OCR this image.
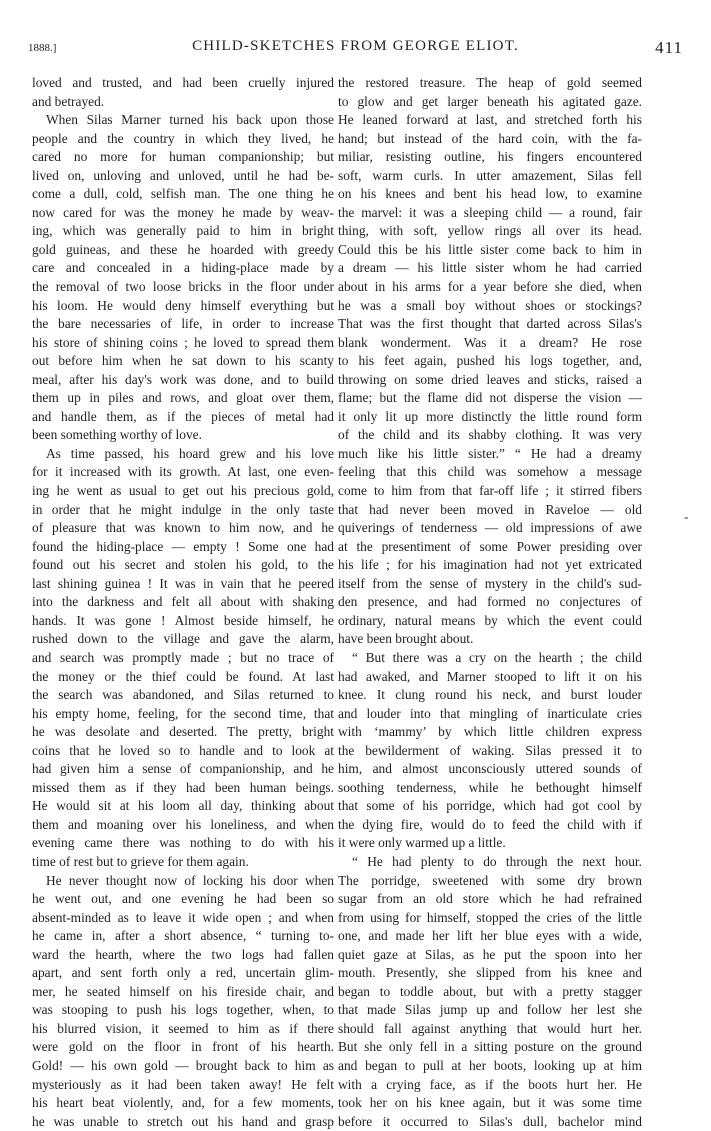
1888.]	CHILD-SKETCHES FROM GEORGE ELIOT.	411
loved and trusted, and had been cruelly injured
and betrayed.
When Silas Marner turned his back upon those
people and the country in which they lived, he
cared no more for human companionship; but
lived on, unloving and unloved, until he had be-
come a dull, cold, selfish man. The one thing he
now cared for was the money he made by weav-
ing, which was generally paid to him in bright
gold guineas, and these he hoarded with greedy
care and concealed in a hiding-place made by
the removal of two loose bricks in the floor under
his loom. He would deny himself everything but
the bare necessaries of life, in order to increase
his store of shining coins ; he loved to spread them
out before him when he sat down to his scanty
meal, after his day's work was done, and to build
them up in piles and rows, and gloat over them,
and handle them, as if the pieces of metal had
been something worthy of love.
As time passed, his hoard grew and his love
for it increased with its growth. At last, one even-
ing he went as usual to get out his precious gold,
in order that he might indulge in the only taste
of pleasure that was known to him now, and he
found the hiding-place — empty ! Some one had
found out his secret and stolen his gold, to the
last shining guinea ! It was in vain that he peered
into the darkness and felt all about with shaking
hands. It was gone ! Almost beside himself, he
rushed down to the village and gave the alarm,
and search was promptly made ; but no trace of
the money or the thief could be found. At last
the search was abandoned, and Silas returned to
his empty home, feeling, for the second time, that
he was desolate and deserted. The pretty, bright
coins that he loved so to handle and to look at
had given him a sense of companionship, and he
missed them as if they had been human beings.
He would sit at his loom all day, thinking about
them and moaning over his loneliness, and when
evening came there was nothing to do with his
time of rest but to grieve for them again.
He never thought now of locking his door when
he went out, and one evening he had been so
absent-minded as to leave it wide open ; and when
he came in, after a short absence, “ turning to-
ward the hearth, where the two logs had fallen
apart, and sent forth only a red, uncertain glim-
mer, he seated himself on his fireside chair, and
was stooping to push his logs together, when, to
his blurred vision, it seemed to him as if there
were gold on the floor in front of his hearth.
Gold! — his own gold — brought back to him as
mysteriously as it had been taken away! He felt
his heart beat violently, and, for a few moments,
he was unable to stretch out his hand and grasp
the restored treasure. The heap of gold seemed
to glow and get larger beneath his agitated gaze.
He leaned forward at last, and stretched forth his
hand; but instead of the hard coin, with the fa-
miliar, resisting outline, his fingers encountered
soft, warm curls. In utter amazement, Silas fell
on his knees and bent his head low, to examine
the marvel: it was a sleeping child — a round, fair
thing, with soft, yellow rings all over its head.
Could this be his little sister come back to him in
a dream — his little sister whom he had carried
about in his arms for a year before she died, when
he was a small boy without shoes or stockings?
That was the first thought that darted across Silas's
blank wonderment. Was it a dream? He rose
to his feet again, pushed his logs together, and,
throwing on some dried leaves and sticks, raised a
flame; but the flame did not disperse the vision —
it only lit up more distinctly the little round form
of the child and its shabby clothing. It was very
much like his little sister.” “ He had a dreamy
feeling that this child was somehow a message
come to him from that far-off life ; it stirred fibers
that had never been moved in Raveloe — old
quiverings of tenderness — old impressions of awe
at the presentiment of some Power presiding over
his life ; for his imagination had not yet extricated
itself from the sense of mystery in the child's sud-
den presence, and had formed no conjectures of
ordinary, natural means by which the event could
have been brought about.
“ But there was a cry on the hearth ; the child
had awaked, and Marner stooped to lift it on his
knee. It clung round his neck, and burst louder
and louder into that mingling of inarticulate cries
with ‘mammy’ by which little children express
the bewilderment of waking. Silas pressed it to
him, and almost unconsciously uttered sounds of
soothing tenderness, while he bethought himself
that some of his porridge, which had got cool by
the dying fire, would do to feed the child with if
it were only warmed up a little.
“ He had plenty to do through the next hour.
The porridge, sweetened with some dry brown
sugar from an old store which he had refrained
from using for himself, stopped the cries of the little
one, and made her lift her blue eyes with a wide,
quiet gaze at Silas, as he put the spoon into her
mouth. Presently, she slipped from his knee and
began to toddle about, but with a pretty stagger
that made Silas jump up and follow her lest she
should fall against anything that would hurt her.
But she only fell in a sitting posture on the ground
and began to pull at her boots, looking up at him
with a crying face, as if the boots hurt her. He
took her on his knee again, but it was some time
before it occurred to Silas's dull, bachelor mind
-
